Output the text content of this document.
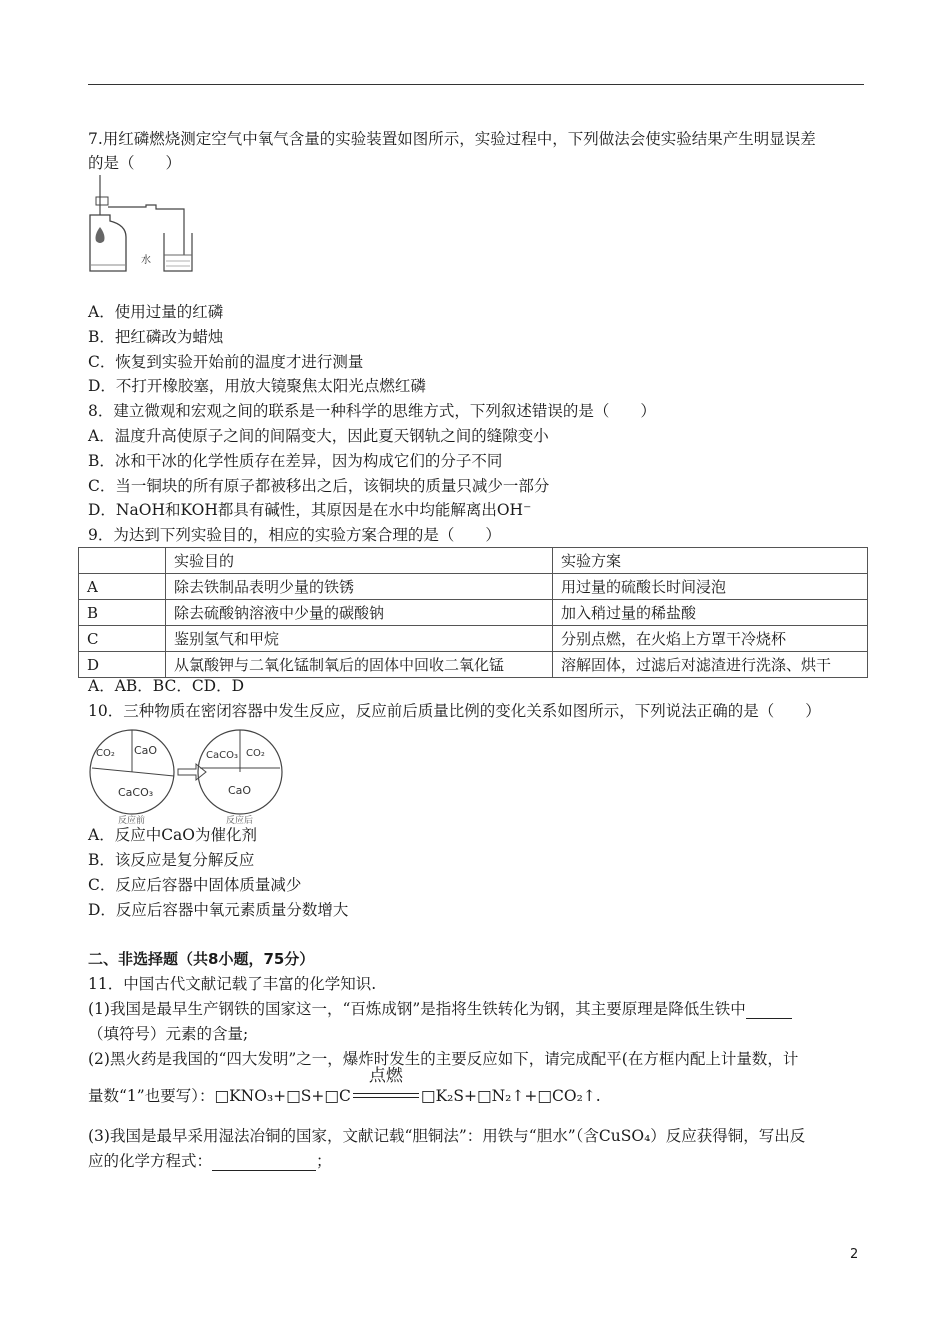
7.用红磷燃烧测定空气中氧气含量的实验装置如图所示，实验过程中，下列做法会使实验结果产生明显误差
的是（　　）
水
A．使用过量的红磷
B．把红磷改为蜡烛
C．恢复到实验开始前的温度才进行测量
D．不打开橡胶塞，用放大镜聚焦太阳光点燃红磷
8．建立微观和宏观之间的联系是一种科学的思维方式，下列叙述错误的是（　　）
A．温度升高使原子之间的间隔变大，因此夏天钢轨之间的缝隙变小
B．冰和干冰的化学性质存在差异，因为构成它们的分子不同
C．当一铜块的所有原子都被移出之后，该铜块的质量只减少一部分
D．NaOH和KOH都具有碱性，其原因是在水中均能解离出OH⁻
9．为达到下列实验目的，相应的实验方案合理的是（　　）
	实验目的	实验方案
A	除去铁制品表明少量的铁锈	用过量的硫酸长时间浸泡
B	除去硫酸钠溶液中少量的碳酸钠	加入稍过量的稀盐酸
C	鉴别氢气和甲烷	分别点燃，在火焰上方罩干冷烧杯
D	从氯酸钾与二氧化锰制氧后的固体中回收二氧化锰	溶解固体，过滤后对滤渣进行洗涤、烘干
A．AB．BC．CD．D
10．三种物质在密闭容器中发生反应，反应前后质量比例的变化关系如图所示，下列说法正确的是（　　）
CO₂ CaO
CaCO₃
反应前
CaCO₃ CO₂
CaO
反应后
A．反应中CaO为催化剂
B．该反应是复分解反应
C．反应后容器中固体质量减少
D．反应后容器中氧元素质量分数增大
二、非选择题（共8小题，75分）
11．中国古代文献记载了丰富的化学知识.
(1)我国是最早生产钢铁的国家这一，“百炼成钢”是指将生铁转化为钢，其主要原理是降低生铁中
（填符号）元素的含量;
(2)黑火药是我国的“四大发明”之一，爆炸时发生的主要反应如下，请完成配平(在方框内配上计量数，计
量数“1”也要写）：□KNO₃+□S+□C
点燃
□K₂S+□N₂↑+□CO₂↑.
(3)我国是最早采用湿法冶铜的国家，文献记载“胆铜法”：用铁与“胆水”（含CuSO₄）反应获得铜，写出反
应的化学方程式：	；
2
